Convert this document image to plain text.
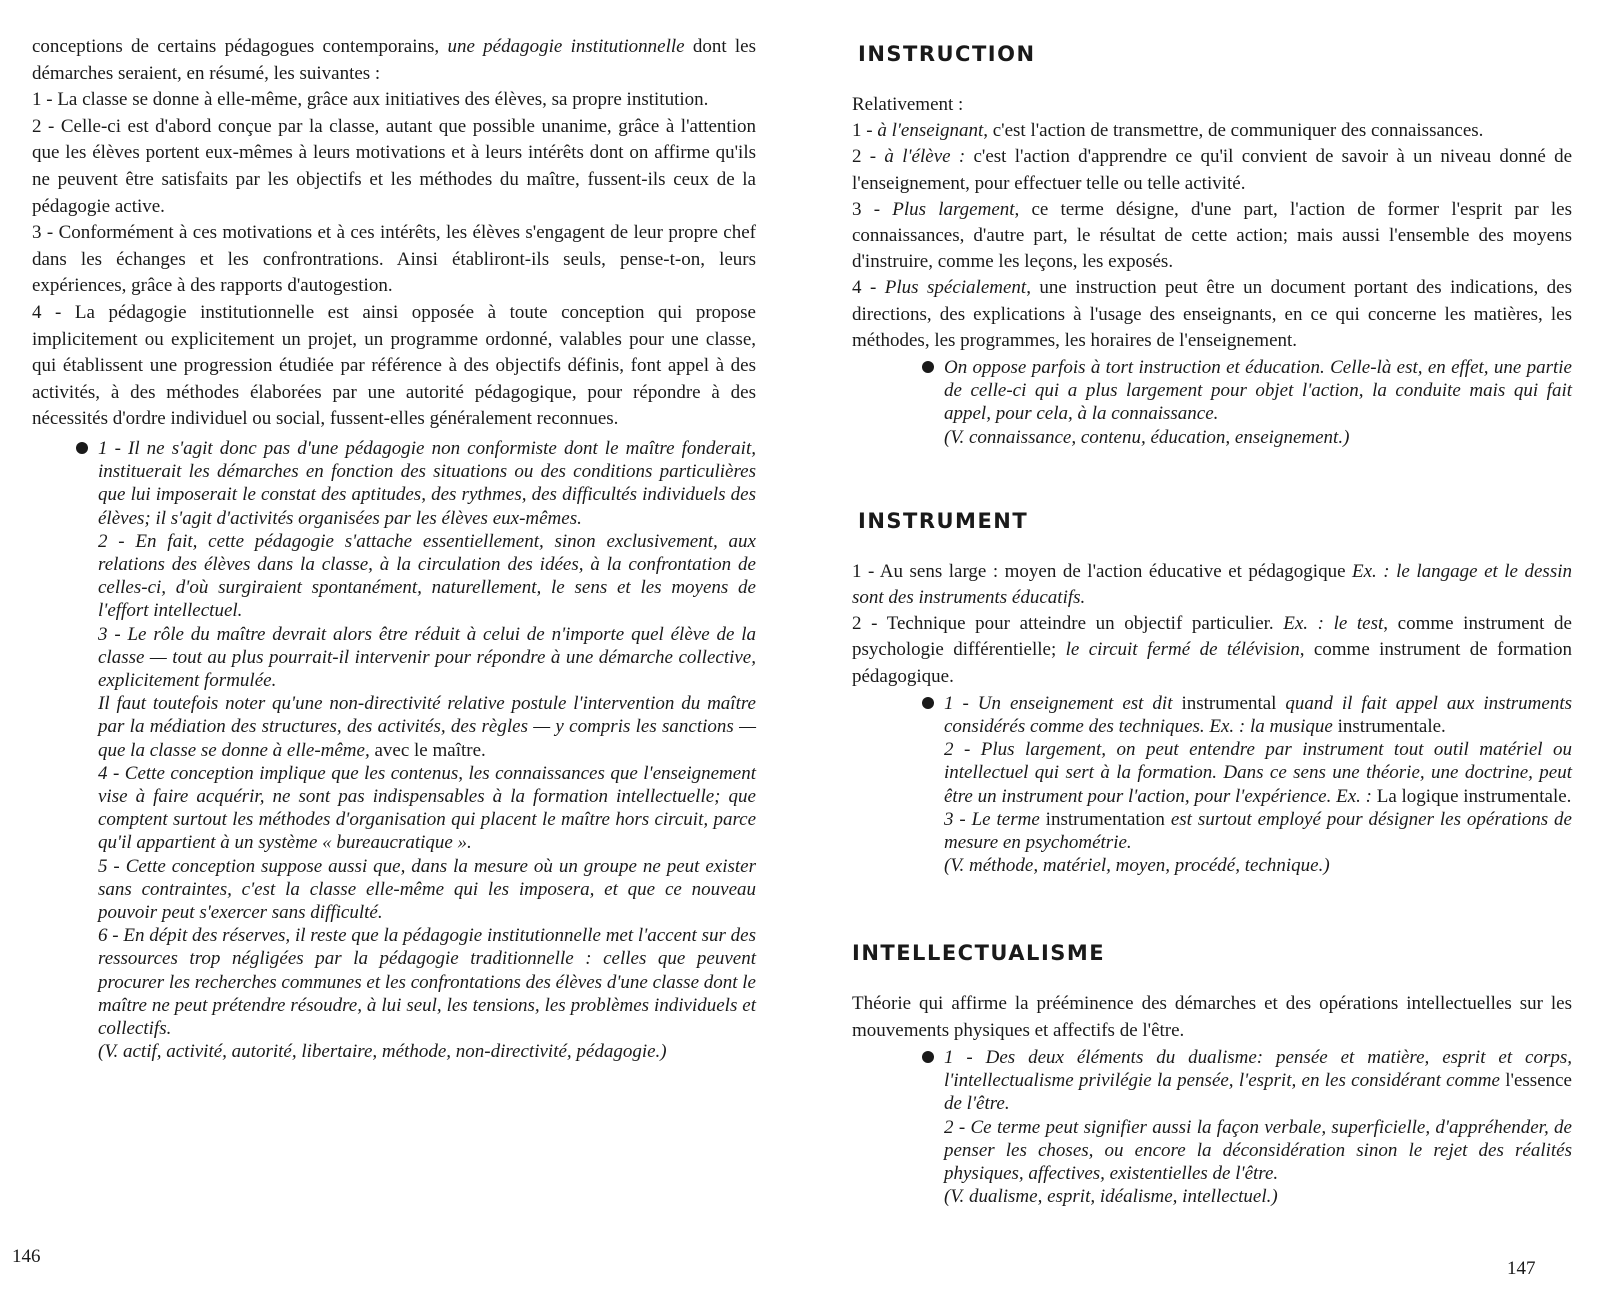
conceptions de certains pédagogues contemporains, une pédagogie institutionnelle dont les démarches seraient, en résumé, les suivantes :

1 - La classe se donne à elle-même, grâce aux initiatives des élèves, sa propre institution.

2 - Celle-ci est d'abord conçue par la classe, autant que possible unanime, grâce à l'attention que les élèves portent eux-mêmes à leurs motivations et à leurs intérêts dont on affirme qu'ils ne peuvent être satisfaits par les objectifs et les méthodes du maître, fussent-ils ceux de la pédagogie active.

3 - Conformément à ces motivations et à ces intérêts, les élèves s'engagent de leur propre chef dans les échanges et les confrontrations. Ainsi établiront-ils seuls, pense-t-on, leurs expériences, grâce à des rapports d'autogestion.

4 - La pédagogie institutionnelle est ainsi opposée à toute conception qui propose implicitement ou explicitement un projet, un programme ordonné, valables pour une classe, qui établissent une progression étudiée par référence à des objectifs définis, font appel à des activités, à des méthodes élaborées par une autorité pédagogique, pour répondre à des nécessités d'ordre individuel ou social, fussent-elles généralement reconnues.

1 - Il ne s'agit donc pas d'une pédagogie non conformiste dont le maître fonderait, instituerait les démarches en fonction des situations ou des conditions particulières que lui imposerait le constat des aptitudes, des rythmes, des difficultés individuels des élèves; il s'agit d'activités organisées par les élèves eux-mêmes.

2 - En fait, cette pédagogie s'attache essentiellement, sinon exclusivement, aux relations des élèves dans la classe, à la circulation des idées, à la confrontation de celles-ci, d'où surgiraient spontanément, naturellement, le sens et les moyens de l'effort intellectuel.

3 - Le rôle du maître devrait alors être réduit à celui de n'importe quel élève de la classe — tout au plus pourrait-il intervenir pour répondre à une démarche collective, explicitement formulée.

Il faut toutefois noter qu'une non-directivité relative postule l'intervention du maître par la médiation des structures, des activités, des règles — y compris les sanctions — que la classe se donne à elle-même, avec le maître.

4 - Cette conception implique que les contenus, les connaissances que l'enseignement vise à faire acquérir, ne sont pas indispensables à la formation intellectuelle; que comptent surtout les méthodes d'organisation qui placent le maître hors circuit, parce qu'il appartient à un système « bureaucratique ».

5 - Cette conception suppose aussi que, dans la mesure où un groupe ne peut exister sans contraintes, c'est la classe elle-même qui les imposera, et que ce nouveau pouvoir peut s'exercer sans difficulté.

6 - En dépit des réserves, il reste que la pédagogie institutionnelle met l'accent sur des ressources trop négligées par la pédagogie traditionnelle : celles que peuvent procurer les recherches communes et les confrontations des élèves d'une classe dont le maître ne peut prétendre résoudre, à lui seul, les tensions, les problèmes individuels et collectifs.

(V. actif, activité, autorité, libertaire, méthode, non-directivité, pédagogie.)

146
INSTRUCTION

Relativement :

1 - à l'enseignant, c'est l'action de transmettre, de communiquer des connaissances.

2 - à l'élève : c'est l'action d'apprendre ce qu'il convient de savoir à un niveau donné de l'enseignement, pour effectuer telle ou telle activité.

3 - Plus largement, ce terme désigne, d'une part, l'action de former l'esprit par les connaissances, d'autre part, le résultat de cette action; mais aussi l'ensemble des moyens d'instruire, comme les leçons, les exposés.

4 - Plus spécialement, une instruction peut être un document portant des indications, des directions, des explications à l'usage des enseignants, en ce qui concerne les matières, les méthodes, les programmes, les horaires de l'enseignement.

On oppose parfois à tort instruction et éducation. Celle-là est, en effet, une partie de celle-ci qui a plus largement pour objet l'action, la conduite mais qui fait appel, pour cela, à la connaissance.

(V. connaissance, contenu, éducation, enseignement.)

INSTRUMENT

1 - Au sens large : moyen de l'action éducative et pédagogique Ex. : le langage et le dessin sont des instruments éducatifs.

2 - Technique pour atteindre un objectif particulier. Ex. : le test, comme instrument de psychologie différentielle; le circuit fermé de télévision, comme instrument de formation pédagogique.

1 - Un enseignement est dit instrumental quand il fait appel aux instruments considérés comme des techniques. Ex. : la musique instrumentale.

2 - Plus largement, on peut entendre par instrument tout outil matériel ou intellectuel qui sert à la formation. Dans ce sens une théorie, une doctrine, peut être un instrument pour l'action, pour l'expérience. Ex. : La logique instrumentale.

3 - Le terme instrumentation est surtout employé pour désigner les opérations de mesure en psychométrie.

(V. méthode, matériel, moyen, procédé, technique.)

INTELLECTUALISME

Théorie qui affirme la prééminence des démarches et des opérations intellectuelles sur les mouvements physiques et affectifs de l'être.

1 - Des deux éléments du dualisme: pensée et matière, esprit et corps, l'intellectualisme privilégie la pensée, l'esprit, en les considérant comme l'essence de l'être.

2 - Ce terme peut signifier aussi la façon verbale, superficielle, d'appréhender, de penser les choses, ou encore la déconsidération sinon le rejet des réalités physiques, affectives, existentielles de l'être.

(V. dualisme, esprit, idéalisme, intellectuel.)

147
